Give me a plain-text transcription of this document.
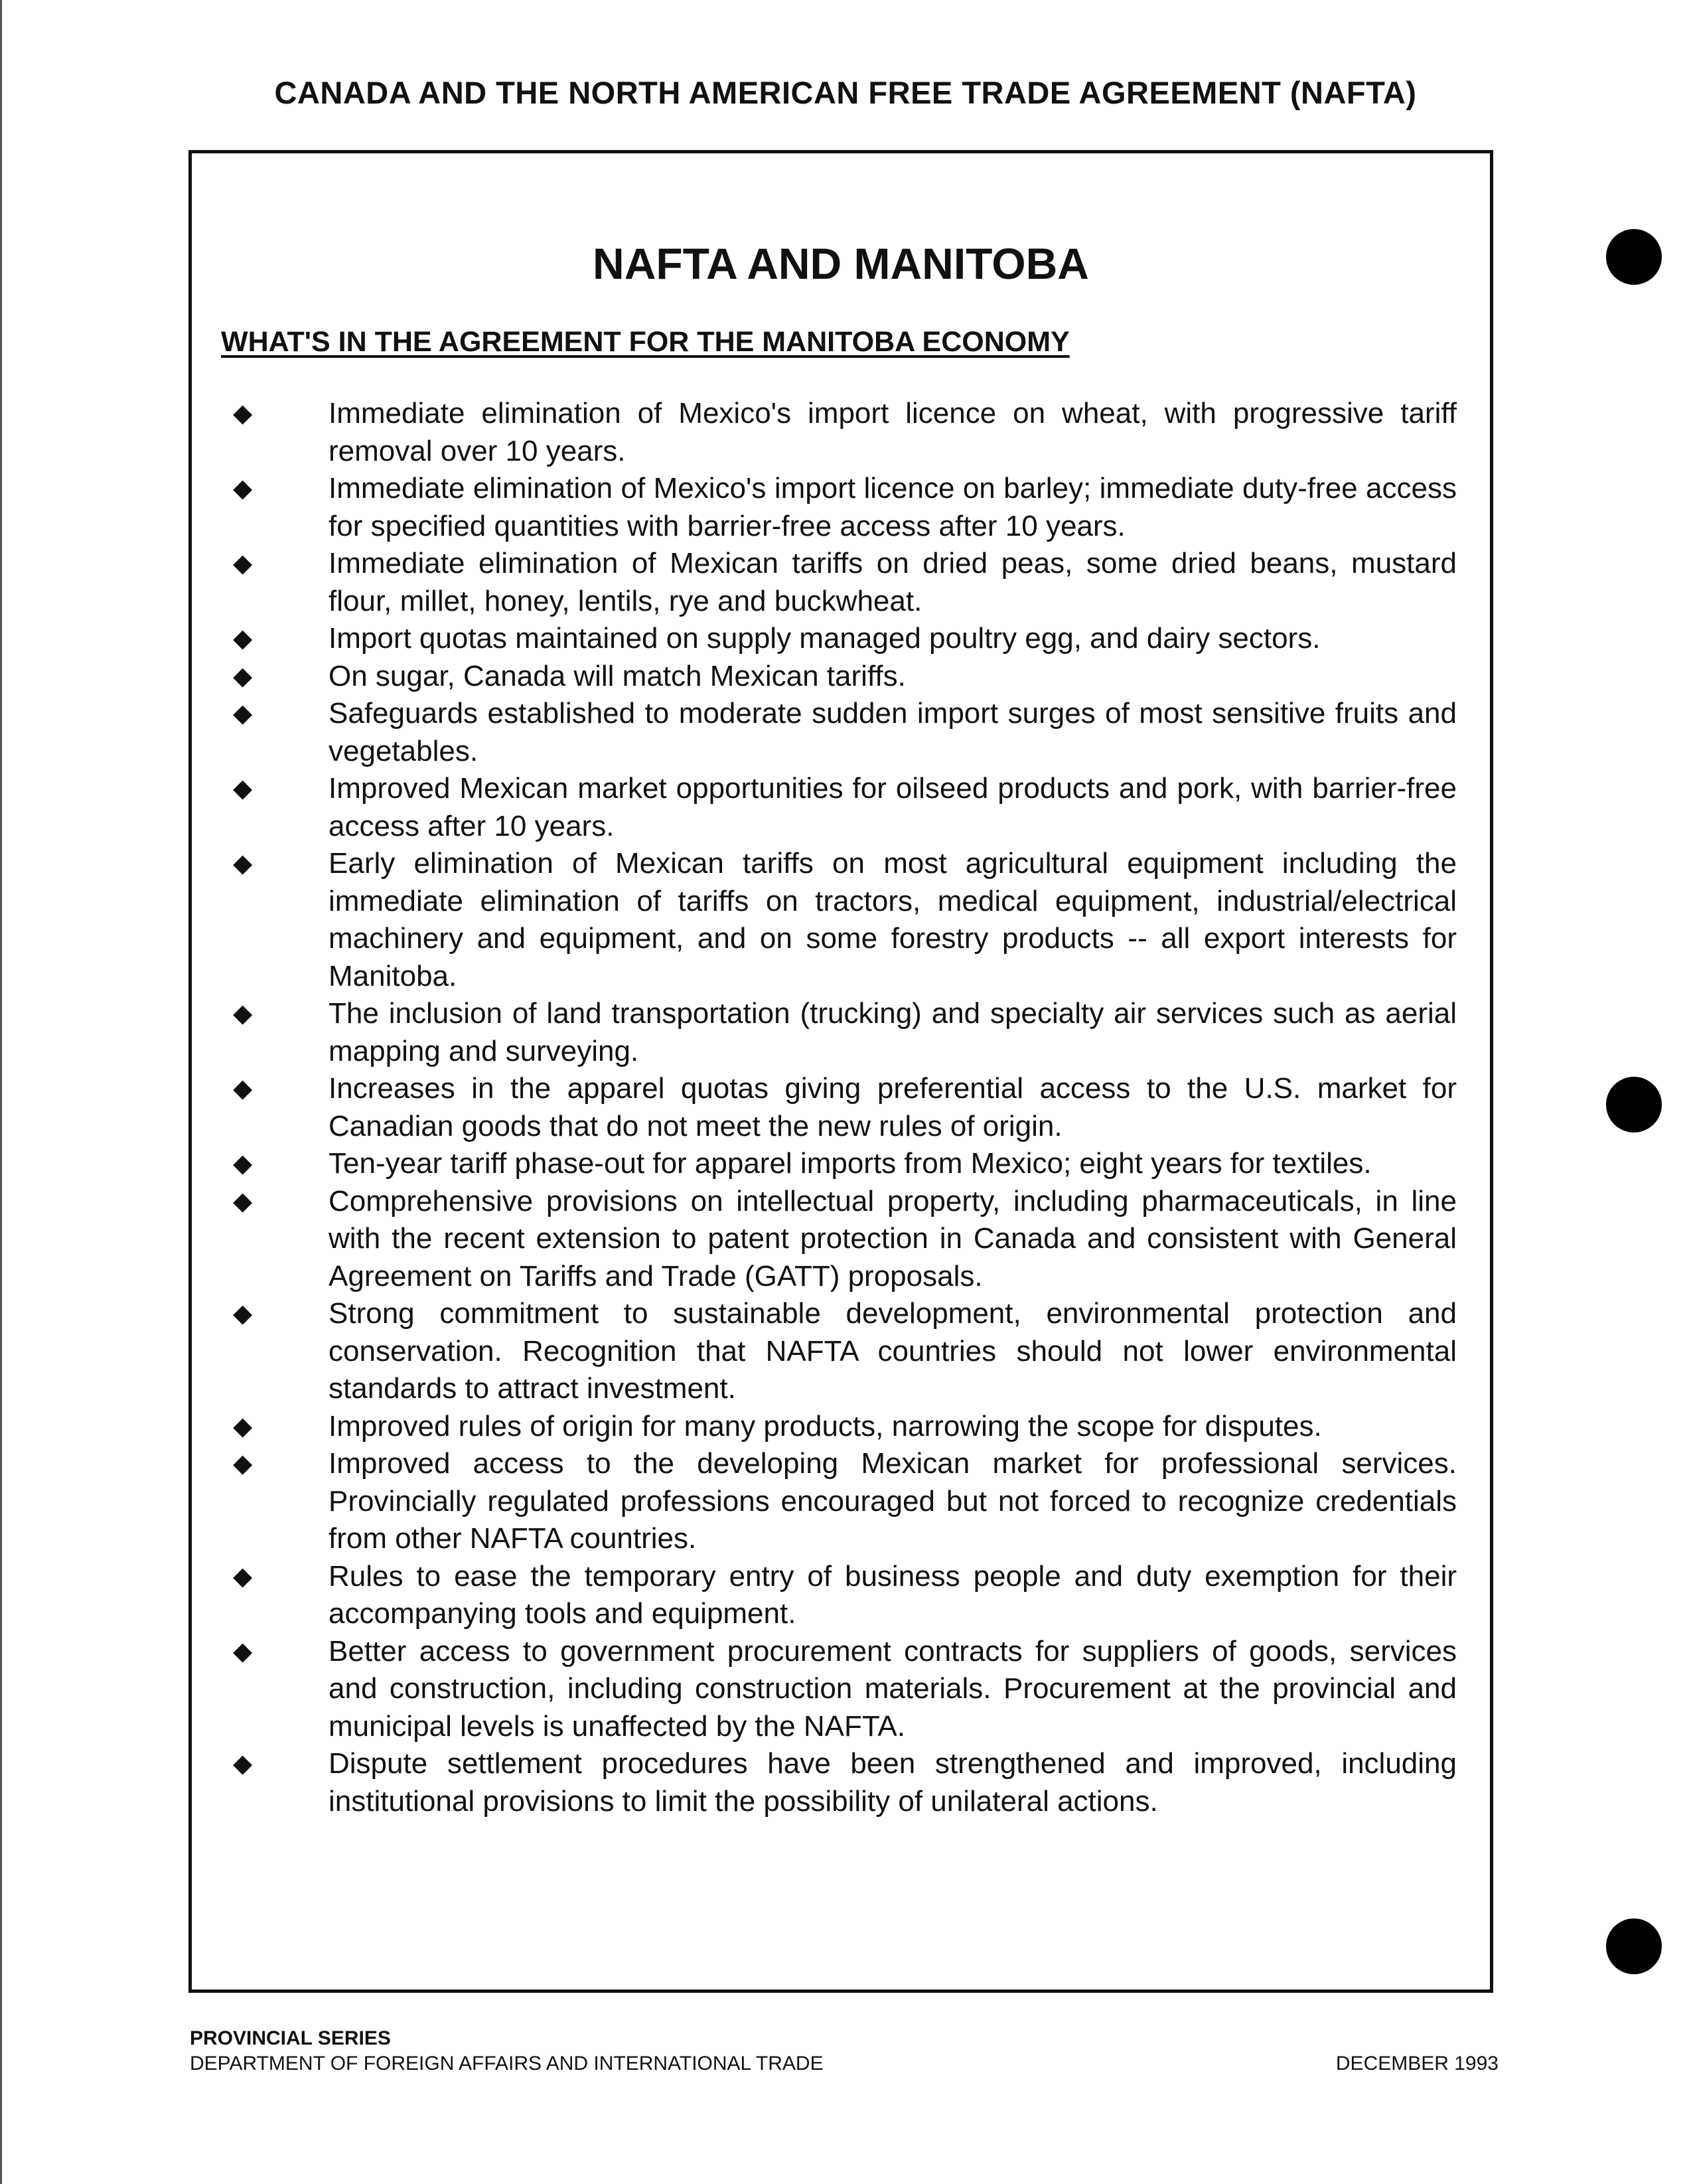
CANADA AND THE NORTH AMERICAN FREE TRADE AGREEMENT (NAFTA)
NAFTA AND MANITOBA
WHAT'S IN THE AGREEMENT FOR THE MANITOBA ECONOMY
◆	Immediate elimination of Mexico's import licence on wheat, with progressive tariff removal over 10 years.
◆	Immediate elimination of Mexico's import licence on barley; immediate duty-free access for specified quantities with barrier-free access after 10 years.
◆	Immediate elimination of Mexican tariffs on dried peas, some dried beans, mustard flour, millet, honey, lentils, rye and buckwheat.
◆	Import quotas maintained on supply managed poultry egg, and dairy sectors.
◆	On sugar, Canada will match Mexican tariffs.
◆	Safeguards established to moderate sudden import surges of most sensitive fruits and vegetables.
◆	Improved Mexican market opportunities for oilseed products and pork, with barrier-free access after 10 years.
◆	Early elimination of Mexican tariffs on most agricultural equipment including the immediate elimination of tariffs on tractors, medical equipment, industrial/electrical machinery and equipment, and on some forestry products -- all export interests for Manitoba.
◆	The inclusion of land transportation (trucking) and specialty air services such as aerial mapping and surveying.
◆	Increases in the apparel quotas giving preferential access to the U.S. market for Canadian goods that do not meet the new rules of origin.
◆	Ten-year tariff phase-out for apparel imports from Mexico; eight years for textiles.
◆	Comprehensive provisions on intellectual property, including pharmaceuticals, in line with the recent extension to patent protection in Canada and consistent with General Agreement on Tariffs and Trade (GATT) proposals.
◆	Strong commitment to sustainable development, environmental protection and conservation. Recognition that NAFTA countries should not lower environmental standards to attract investment.
◆	Improved rules of origin for many products, narrowing the scope for disputes.
◆	Improved access to the developing Mexican market for professional services. Provincially regulated professions encouraged but not forced to recognize credentials from other NAFTA countries.
◆	Rules to ease the temporary entry of business people and duty exemption for their accompanying tools and equipment.
◆	Better access to government procurement contracts for suppliers of goods, services and construction, including construction materials. Procurement at the provincial and municipal levels is unaffected by the NAFTA.
◆	Dispute settlement procedures have been strengthened and improved, including institutional provisions to limit the possibility of unilateral actions.
PROVINCIAL SERIES
DEPARTMENT OF FOREIGN AFFAIRS AND INTERNATIONAL TRADE	DECEMBER 1993
